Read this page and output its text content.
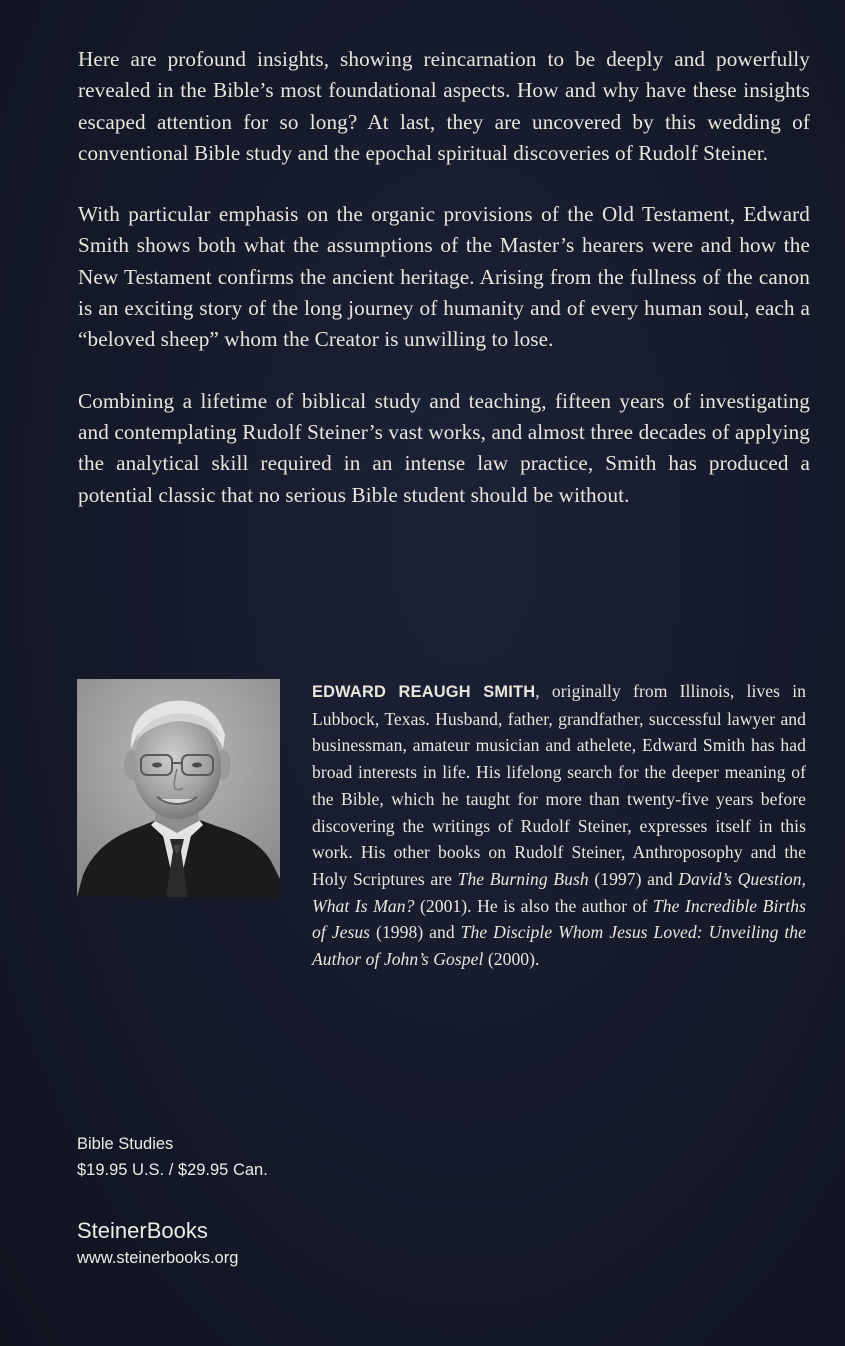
Here are profound insights, showing reincarnation to be deeply and powerfully revealed in the Bible’s most foundational aspects. How and why have these insights escaped attention for so long? At last, they are uncovered by this wedding of conventional Bible study and the epochal spiritual discoveries of Rudolf Steiner.

With particular emphasis on the organic provisions of the Old Testament, Edward Smith shows both what the assumptions of the Master’s hearers were and how the New Testament confirms the ancient heritage. Arising from the fullness of the canon is an exciting story of the long journey of humanity and of every human soul, each a “beloved sheep” whom the Creator is unwilling to lose.

Combining a lifetime of biblical study and teaching, fifteen years of investigating and contemplating Rudolf Steiner’s vast works, and almost three decades of applying the analytical skill required in an intense law practice, Smith has produced a potential classic that no serious Bible student should be without.

EDWARD REAUGH SMITH, originally from Illinois, lives in Lubbock, Texas. Husband, father, grandfather, successful lawyer and businessman, amateur musician and athelete, Edward Smith has had broad interests in life. His lifelong search for the deeper meaning of the Bible, which he taught for more than twenty-five years before discovering the writings of Rudolf Steiner, expresses itself in this work. His other books on Rudolf Steiner, Anthroposophy and the Holy Scriptures are The Burning Bush (1997) and David’s Question, What Is Man? (2001). He is also the author of The Incredible Births of Jesus (1998) and The Disciple Whom Jesus Loved: Unveiling the Author of John’s Gospel (2000).
Bible Studies
$19.95 U.S. / $29.95 Can.
SteinerBooks
www.steinerbooks.org
